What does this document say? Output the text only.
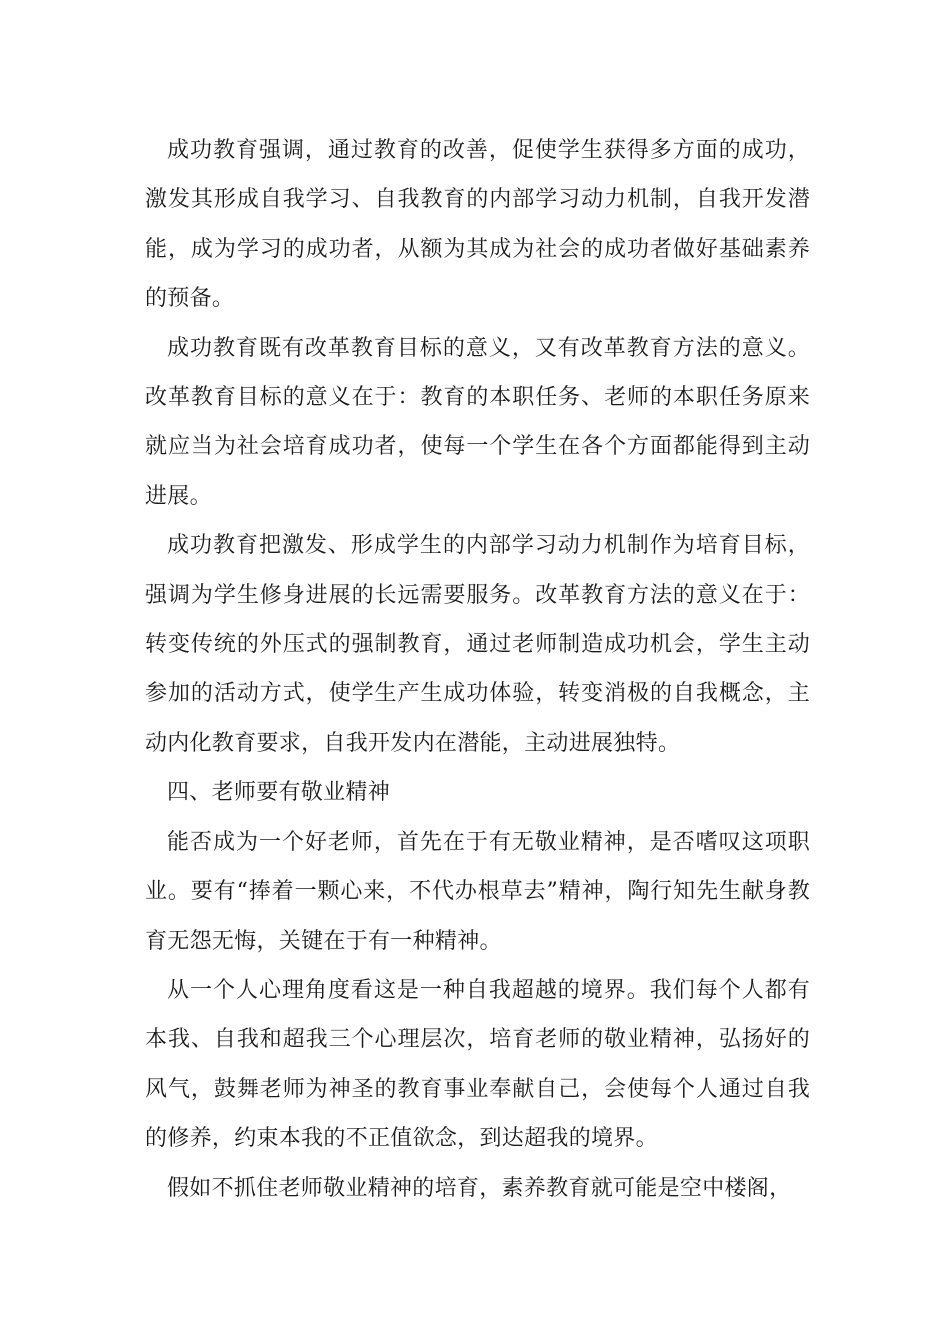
成功教育强调，通过教育的改善，促使学生获得多方面的成功，激发其形成自我学习、自我教育的内部学习动力机制，自我开发潜能，成为学习的成功者，从额为其成为社会的成功者做好基础素养的预备。

成功教育既有改革教育目标的意义，又有改革教育方法的意义。改革教育目标的意义在于：教育的本职任务、老师的本职任务原来就应当为社会培育成功者，使每一个学生在各个方面都能得到主动进展。

成功教育把激发、形成学生的内部学习动力机制作为培育目标，强调为学生修身进展的长远需要服务。改革教育方法的意义在于：转变传统的外压式的强制教育，通过老师制造成功机会，学生主动参加的活动方式，使学生产生成功体验，转变消极的自我概念，主动内化教育要求，自我开发内在潜能，主动进展独特。

四、老师要有敬业精神

能否成为一个好老师，首先在于有无敬业精神，是否嗜叹这项职业。要有“捧着一颗心来，不代办根草去”精神，陶行知先生献身教育无怨无悔，关键在于有一种精神。

从一个人心理角度看这是一种自我超越的境界。我们每个人都有本我、自我和超我三个心理层次，培育老师的敬业精神，弘扬好的风气，鼓舞老师为神圣的教育事业奉献自己，会使每个人通过自我的修养，约束本我的不正值欲念，到达超我的境界。

假如不抓住老师敬业精神的培育，素养教育就可能是空中楼阁，
